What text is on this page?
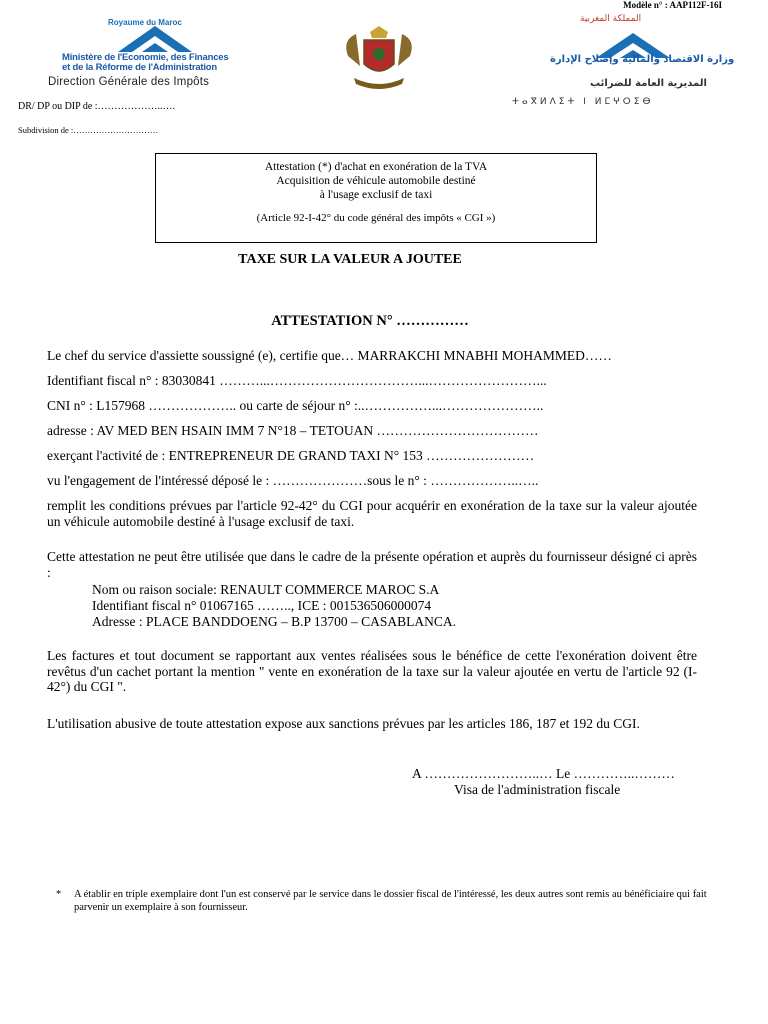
Modèle n° : AAP112F-16I
Royaume du Maroc
Ministère de l'Economie, des Finances
et de la Réforme de l'Administration
Direction Générale des Impôts
المملكة المغربية
وزارة الاقتصاد والمالية وإصلاح الإدارة
المديرية العامة للضرائب
ⵜⴰⴳⵍⴷⵉⵜ ⵏ ⵍⵎⵖⵔⵉⴱ
DR/ DP ou DIP de :………………..….
Subdivision de :…………………………
Attestation (*) d'achat en exonération de la TVA
Acquisition de véhicule automobile destiné
à l'usage exclusif de taxi
(Article 92-I-42° du code général des impôts « CGI »)
TAXE SUR LA VALEUR A JOUTEE
ATTESTATION N° ……………
Le chef du service d'assiette soussigné (e), certifie que… MARRAKCHI MNABHI MOHAMMED……
Identifiant fiscal n° : 83030841 ………...……………………………...……………………...
CNI n° : L157968 ……………….. ou carte de séjour n° :..……………...…………………..
adresse : AV MED BEN HSAIN IMM 7 N°18 – TETOUAN ………………………………
exerçant l'activité de : ENTREPRENEUR DE GRAND TAXI N° 153 ……………………
vu l'engagement de l'intéressé déposé le : …………………sous le n° : ………………..…..
remplit les conditions prévues par l'article 92-42° du CGI pour acquérir en exonération de la taxe sur la valeur ajoutée un véhicule automobile destiné à l'usage exclusif de taxi.
Cette attestation ne peut être utilisée que dans le cadre de la présente opération et auprès du fournisseur désigné ci après :
Nom ou raison sociale: RENAULT COMMERCE MAROC S.A
Identifiant fiscal n° 01067165 …….., ICE : 001536506000074
Adresse : PLACE BANDDOENG – B.P 13700 – CASABLANCA.
Les factures et tout document se rapportant aux ventes réalisées sous le bénéfice de cette l'exonération doivent être revêtus d'un cachet portant la mention " vente en exonération de la taxe sur la valeur ajoutée en vertu de l'article 92 (I-42°) du CGI ".
L'utilisation abusive de toute attestation expose aux sanctions prévues par les articles 186, 187 et 192 du CGI.
A ……………………..… Le …………..………
Visa de l'administration fiscale
*	A établir en triple exemplaire dont l'un est conservé par le service dans le dossier fiscal de l'intéressé, les deux autres sont remis au bénéficiaire qui fait parvenir un exemplaire à son fournisseur.
